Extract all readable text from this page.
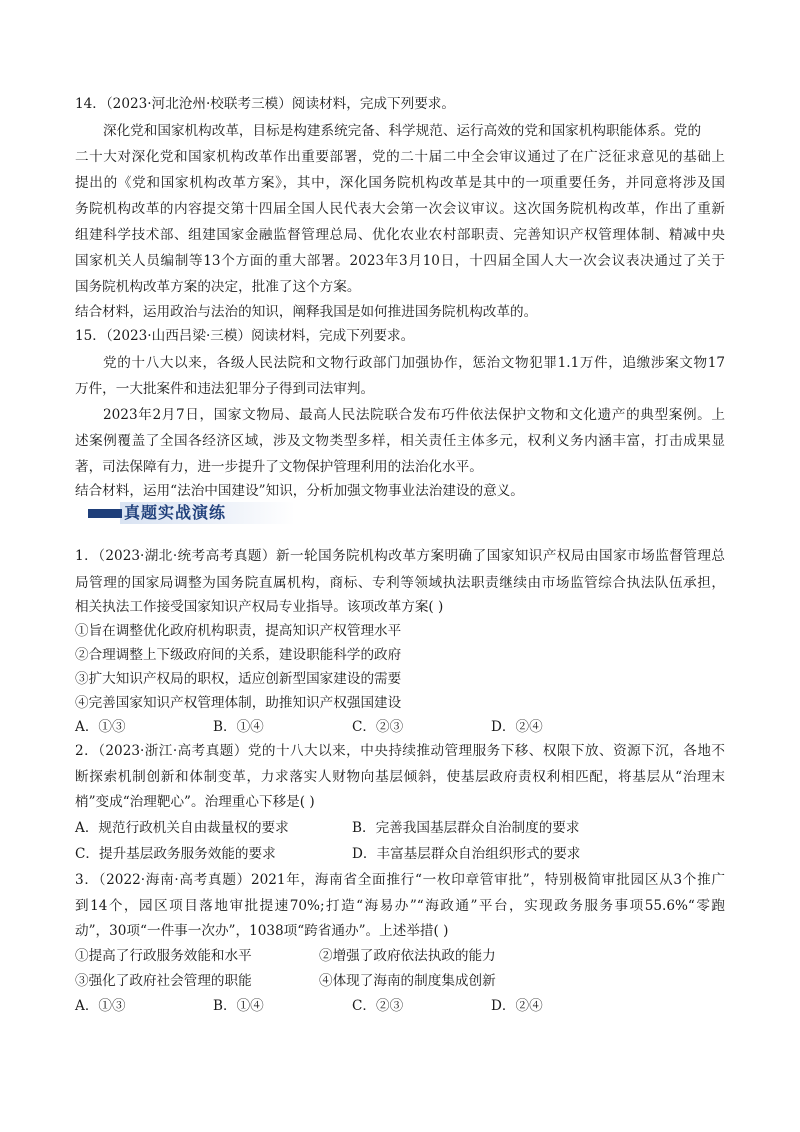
14．（2023·河北沧州·校联考三模）阅读材料，完成下列要求。
深化党和国家机构改革，目标是构建系统完备、科学规范、运行高效的党和国家机构职能体系。党的
二十大对深化党和国家机构改革作出重要部署，党的二十届二中全会审议通过了在广泛征求意见的基础上
提出的《党和国家机构改革方案》，其中，深化国务院机构改革是其中的一项重要任务，并同意将涉及国
务院机构改革的内容提交第十四届全国人民代表大会第一次会议审议。这次国务院机构改革，作出了重新
组建科学技术部、组建国家金融监督管理总局、优化农业农村部职责、完善知识产权管理体制、精减中央
国家机关人员编制等13个方面的重大部署。2023年3月10日，十四届全国人大一次会议表决通过了关于
国务院机构改革方案的决定，批准了这个方案。
结合材料，运用政治与法治的知识，阐释我国是如何推进国务院机构改革的。
15．（2023·山西吕梁·三模）阅读材料，完成下列要求。
党的十八大以来，各级人民法院和文物行政部门加强协作，惩治文物犯罪1.1万件，追缴涉案文物17
万件，一大批案件和违法犯罪分子得到司法审判。
2023年2月7日，国家文物局、最高人民法院联合发布巧件依法保护文物和文化遗产的典型案例。上
述案例覆盖了全国各经济区域，涉及文物类型多样，相关责任主体多元，权利义务内涵丰富，打击成果显
著，司法保障有力，进一步提升了文物保护管理利用的法治化水平。
结合材料，运用“法治中国建设”知识，分析加强文物事业法治建设的意义。
真题实战演练
1．（2023·湖北·统考高考真题）新一轮国务院机构改革方案明确了国家知识产权局由国家市场监督管理总
局管理的国家局调整为国务院直属机构，商标、专利等领域执法职责继续由市场监管综合执法队伍承担，
相关执法工作接受国家知识产权局专业指导。该项改革方案( )
①旨在调整优化政府机构职责，提高知识产权管理水平
②合理调整上下级政府间的关系，建设职能科学的政府
③扩大知识产权局的职权，适应创新型国家建设的需要
④完善国家知识产权管理体制，助推知识产权强国建设
A．①③	B．①④	C．②③	D．②④
2．（2023·浙江·高考真题）党的十八大以来，中央持续推动管理服务下移、权限下放、资源下沉，各地不
断探索机制创新和体制变革，力求落实人财物向基层倾斜，使基层政府责权利相匹配，将基层从“治理末
梢”变成“治理靶心”。治理重心下移是( )
A．规范行政机关自由裁量权的要求	B．完善我国基层群众自治制度的要求
C．提升基层政务服务效能的要求	D．丰富基层群众自治组织形式的要求
3．（2022·海南·高考真题）2021年，海南省全面推行“一枚印章管审批”，特别极简审批园区从3个推广
到14个，园区项目落地审批提速70%;打造“海易办”“海政通”平台，实现政务服务事项55.6%“零跑
动”，30项“一件事一次办”，1038项“跨省通办”。上述举措( )
①提高了行政服务效能和水平	②增强了政府依法执政的能力
③强化了政府社会管理的职能	④体现了海南的制度集成创新
A．①③	B．①④	C．②③	D．②④
